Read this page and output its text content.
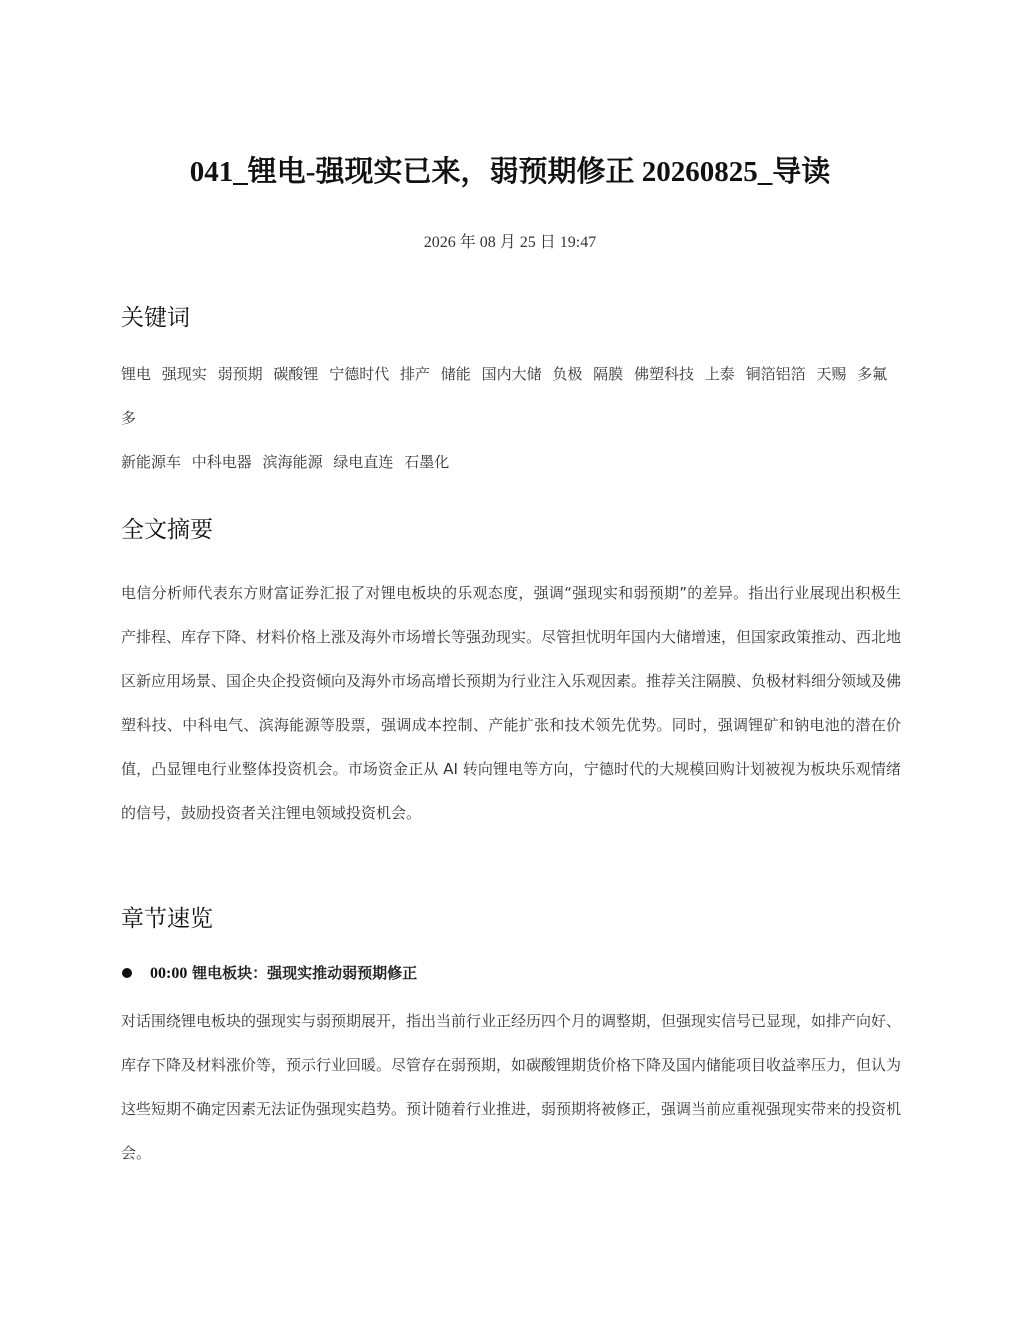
041_锂电-强现实已来，弱预期修正 20260825_导读
2026 年 08 月 25 日 19:47
关键词

锂电 强现实 弱预期 碳酸锂 宁德时代 排产 储能 国内大储 负极 隔膜 佛塑科技 上泰 铜箔铝箔 天赐 多氟多
新能源车 中科电器 滨海能源 绿电直连 石墨化

全文摘要

电信分析师代表东方财富证券汇报了对锂电板块的乐观态度，强调“强现实和弱预期”的差异。指出行业展现出积极生产排程、库存下降、材料价格上涨及海外市场增长等强劲现实。尽管担忧明年国内大储增速，但国家政策推动、西北地区新应用场景、国企央企投资倾向及海外市场高增长预期为行业注入乐观因素。推荐关注隔膜、负极材料细分领域及佛塑科技、中科电气、滨海能源等股票，强调成本控制、产能扩张和技术领先优势。同时，强调锂矿和钠电池的潜在价值，凸显锂电行业整体投资机会。市场资金正从 AI 转向锂电等方向，宁德时代的大规模回购计划被视为板块乐观情绪的信号，鼓励投资者关注锂电领域投资机会。

章节速览
00:00 锂电板块：强现实推动弱预期修正

对话围绕锂电板块的强现实与弱预期展开，指出当前行业正经历四个月的调整期，但强现实信号已显现，如排产向好、库存下降及材料涨价等，预示行业回暖。尽管存在弱预期，如碳酸锂期货价格下降及国内储能项目收益率压力，但认为这些短期不确定因素无法证伪强现实趋势。预计随着行业推进，弱预期将被修正，强调当前应重视强现实带来的投资机会。
